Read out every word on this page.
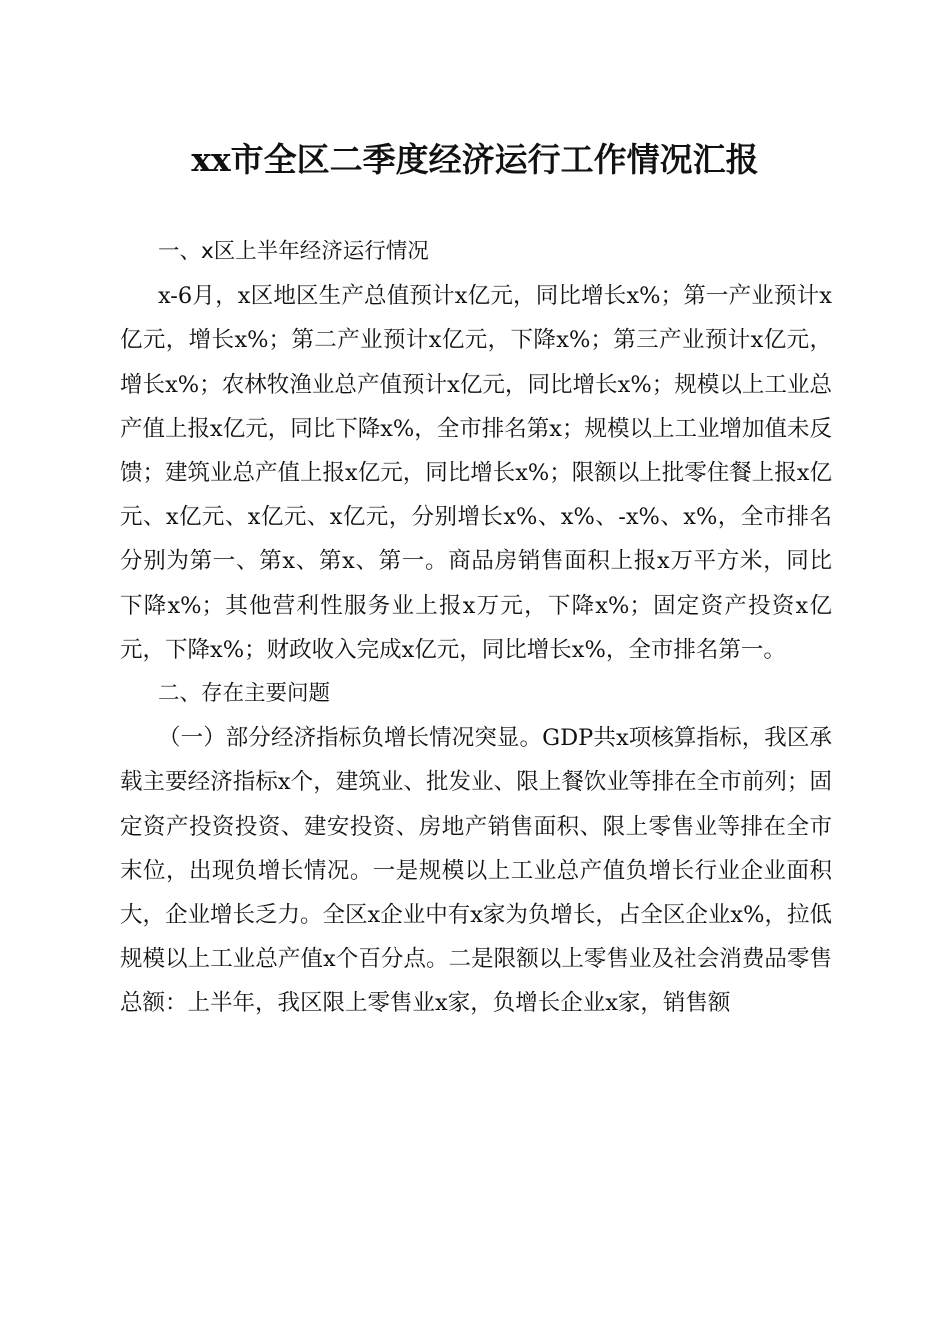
xx市全区二季度经济运行工作情况汇报

一、x区上半年经济运行情况

x-6月，x区地区生产总值预计x亿元，同比增长x%；第一产业预计x亿元，增长x%；第二产业预计x亿元，下降x%；第三产业预计x亿元，增长x%；农林牧渔业总产值预计x亿元，同比增长x%；规模以上工业总产值上报x亿元，同比下降x%，全市排名第x；规模以上工业增加值未反馈；建筑业总产值上报x亿元，同比增长x%；限额以上批零住餐上报x亿元、x亿元、x亿元、x亿元，分别增长x%、x%、-x%、x%，全市排名分别为第一、第x、第x、第一。商品房销售面积上报x万平方米，同比下降x%；其他营利性服务业上报x万元，下降x%；固定资产投资x亿元，下降x%；财政收入完成x亿元，同比增长x%，全市排名第一。

二、存在主要问题

（一）部分经济指标负增长情况突显。GDP共x项核算指标，我区承载主要经济指标x个，建筑业、批发业、限上餐饮业等排在全市前列；固定资产投资投资、建安投资、房地产销售面积、限上零售业等排在全市末位，出现负增长情况。一是规模以上工业总产值负增长行业企业面积大，企业增长乏力。全区x企业中有x家为负增长，占全区企业x%，拉低规模以上工业总产值x个百分点。二是限额以上零售业及社会消费品零售总额：上半年，我区限上零售业x家，负增长企业x家，销售额
